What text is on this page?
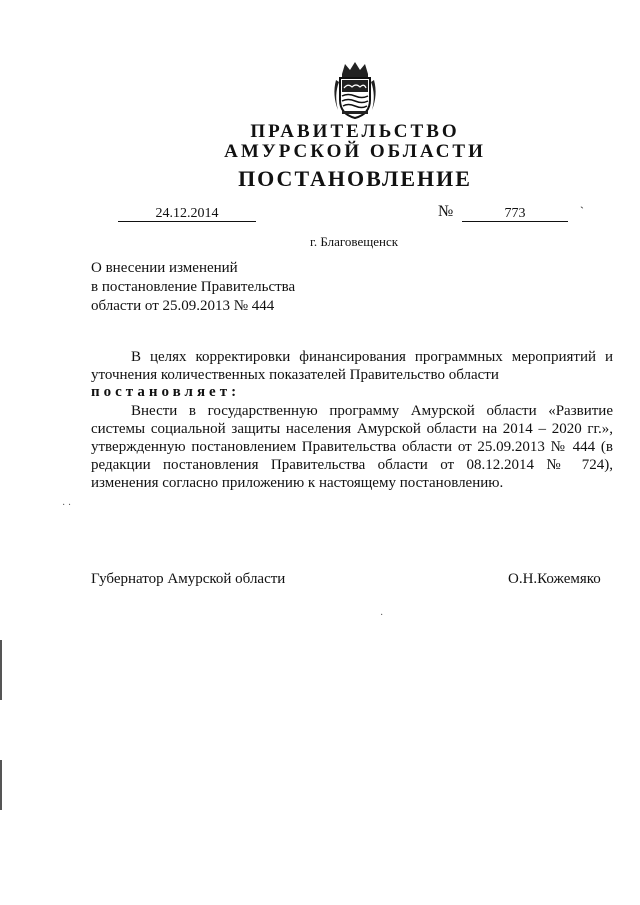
ПРАВИТЕЛЬСТВО
АМУРСКОЙ ОБЛАСТИ
ПОСТАНОВЛЕНИЕ
24.12.2014	№	773	ˋ
г. Благовещенск
О внесении изменений
в постановление Правительства
области от 25.09.2013 № 444
В целях корректировки финансирования программных мероприятий и
уточнения количественных показателей Правительство области
постановляет:
Внести в государственную программу Амурской области «Развитие
системы социальной защиты населения Амурской области на 2014 – 2020 гг.»,
утвержденную постановлением Правительства области от 25.09.2013 № 444 (в
редакции постановления Правительства области от 08.12.2014 № 724),
изменения согласно приложению к настоящему постановлению.
Губернатор Амурской области	О.Н.Кожемяко
· ·
·
